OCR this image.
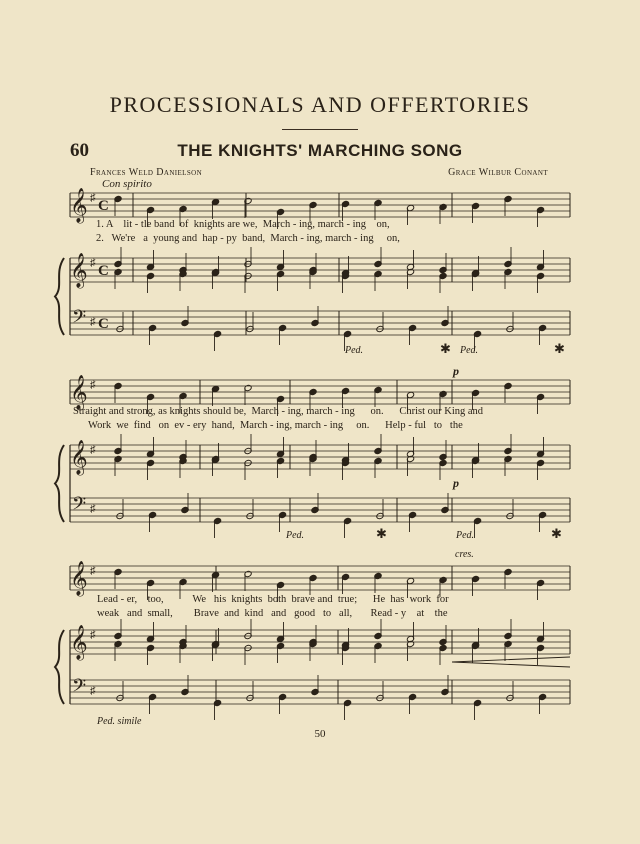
PROCESSIONALS AND OFFERTORIES
60	THE KNIGHTS' MARCHING SONG
Frances Weld Danielson	Grace Wilbur Conant
Con spirito
𝄞
𝄞
𝄢
♯
♯
♯
C
C
C
𝄞
𝄞
𝄢
♯
♯
♯
𝄞
𝄞
𝄢
♯
♯
♯
1. A    lit - tle band  of  knights are we,  March - ing, march - ing    on,
2.   We're   a  young and  hap - py  band,  March - ing, march - ing     on,
Ped.	✱ Ped.	✱
p
Straight and strong, as knights should be,  March - ing, march - ing      on.      Christ our King and
Work  we  find   on  ev - ery  hand,  March - ing, march - ing     on.      Help - ful   to   the
p
Ped.	✱	Ped.	✱
cres.
Lead - er,    too,           We   his  knights  both  brave and  true;      He  has  work  for
weak   and  small,        Brave  and  kind   and   good   to   all,       Read - y    at    the
Ped. simile
50
